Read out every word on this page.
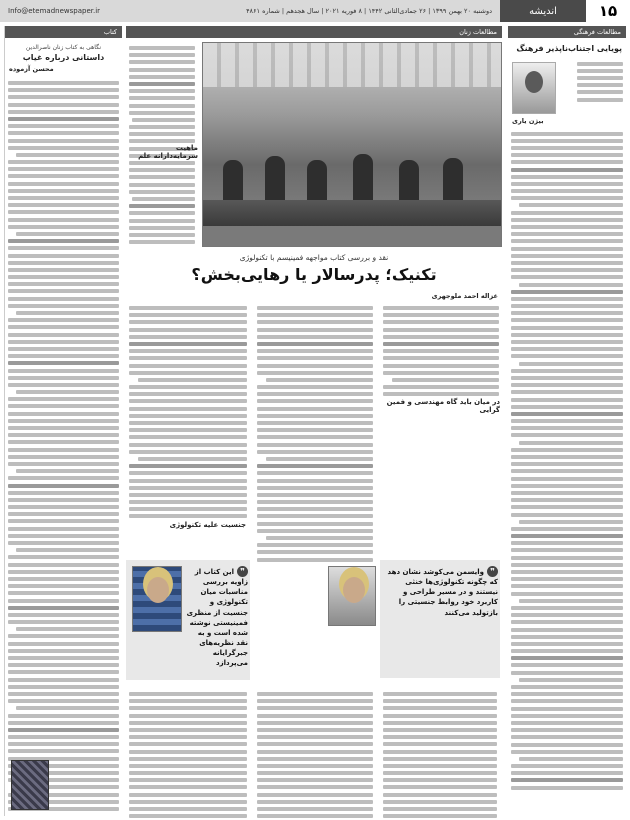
۱۵
اندیشه
دوشنبه ۲۰ بهمن ۱۳۹۹ | ۲۶ جمادی‌الثانی ۱۴۴۲ | ۸ فوریه ۲۰۲۱ | سال هجدهم | شماره ۴۸۶۱
Info@etemadnewspaper.ir
مطالعات فرهنگی
پویایی اجتناب‌ناپذیر فرهنگ
بیژن یاری
کتاب
نگاهی به کتاب زنان ناصرالدین
داستانی درباره غیاب
محسن آزموده
مطالعات زنان
ماهیت سرمایه‌دارانه علم
نقد و بررسی کتاب مواجهه فمینیسم با تکنولوژی
تکنیک؛ پدرسالار یا رهایی‌بخش؟
غزاله احمد ملوجهری
در میان باید گاه مهندسی و فمین گرایی
جنسیت علیه تکنولوژی
❞وایسمن می‌کوشد نشان دهد که چگونه تکنولوژی‌ها خنثی نیستند و در مسیر طراحی و کاربرد خود روابط جنسیتی را بازتولید می‌کنند
❞این کتاب از زاویه بررسی مناسبات میان تکنولوژی و جنسیت از منظری فمینیستی نوشته شده است و به نقد نظریه‌های جبرگرایانه می‌پردازد
